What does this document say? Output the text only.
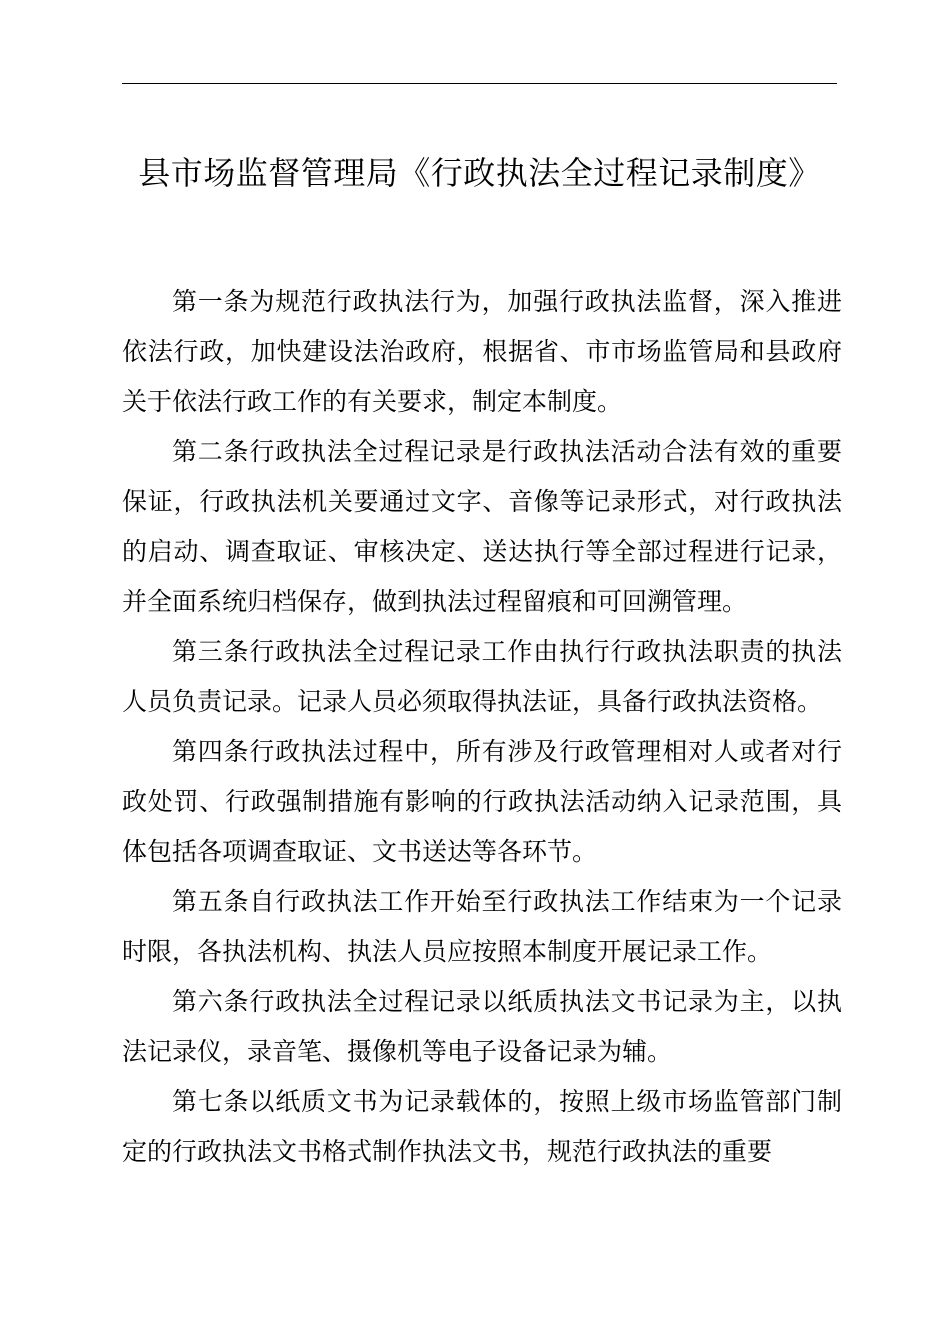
县市场监督管理局《行政执法全过程记录制度》

第一条为规范行政执法行为，加强行政执法监督，深入推进依法行政，加快建设法治政府，根据省、市市场监管局和县政府关于依法行政工作的有关要求，制定本制度。

第二条行政执法全过程记录是行政执法活动合法有效的重要保证，行政执法机关要通过文字、音像等记录形式，对行政执法的启动、调查取证、审核决定、送达执行等全部过程进行记录，并全面系统归档保存，做到执法过程留痕和可回溯管理。

第三条行政执法全过程记录工作由执行行政执法职责的执法人员负责记录。记录人员必须取得执法证，具备行政执法资格。

第四条行政执法过程中，所有涉及行政管理相对人或者对行政处罚、行政强制措施有影响的行政执法活动纳入记录范围，具体包括各项调查取证、文书送达等各环节。

第五条自行政执法工作开始至行政执法工作结束为一个记录时限，各执法机构、执法人员应按照本制度开展记录工作。

第六条行政执法全过程记录以纸质执法文书记录为主，以执法记录仪，录音笔、摄像机等电子设备记录为辅。

第七条以纸质文书为记录载体的，按照上级市场监管部门制定的行政执法文书格式制作执法文书，规范行政执法的重要
